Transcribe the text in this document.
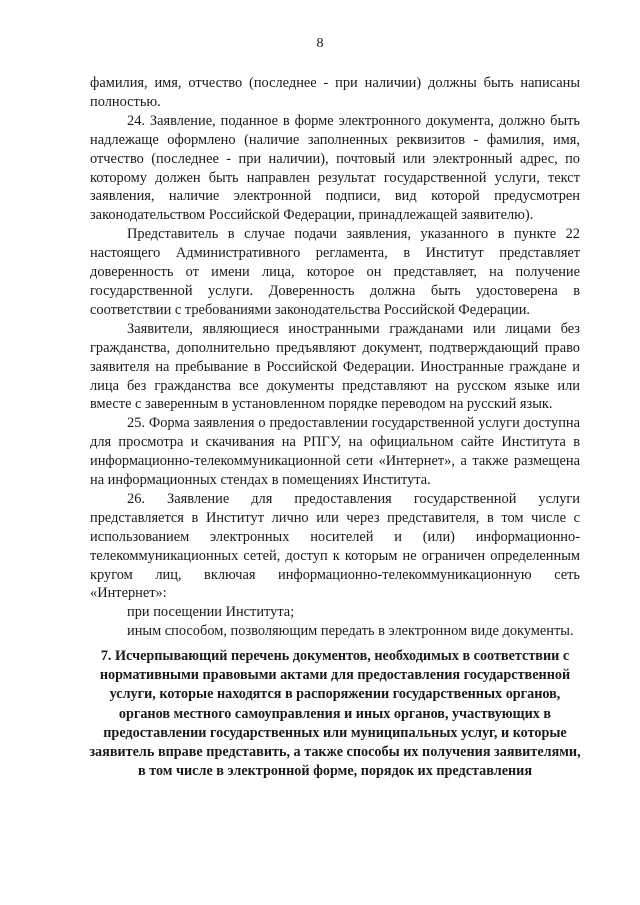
8

фамилия, имя, отчество (последнее - при наличии) должны быть написаны полностью.

24. Заявление, поданное в форме электронного документа, должно быть надлежаще оформлено (наличие заполненных реквизитов - фамилия, имя, отчество (последнее - при наличии), почтовый или электронный адрес, по которому должен быть направлен результат государственной услуги, текст заявления, наличие электронной подписи, вид которой предусмотрен законодательством Российской Федерации, принадлежащей заявителю).

Представитель в случае подачи заявления, указанного в пункте 22 настоящего Административного регламента, в Институт представляет доверенность от имени лица, которое он представляет, на получение государственной услуги. Доверенность должна быть удостоверена в соответствии с требованиями законодательства Российской Федерации.

Заявители, являющиеся иностранными гражданами или лицами без гражданства, дополнительно предъявляют документ, подтверждающий право заявителя на пребывание в Российской Федерации. Иностранные граждане и лица без гражданства все документы представляют на русском языке или вместе с заверенным в установленном порядке переводом на русский язык.

25. Форма заявления о предоставлении государственной услуги доступна для просмотра и скачивания на РПГУ, на официальном сайте Института в информационно-телекоммуникационной сети «Интернет», а также размещена на информационных стендах в помещениях Института.

26. Заявление для предоставления государственной услуги представляется в Институт лично или через представителя, в том числе с использованием электронных носителей и (или) информационно-телекоммуникационных сетей, доступ к которым не ограничен определенным кругом лиц, включая информационно-телекоммуникационную сеть «Интернет»:

при посещении Института;

иным способом, позволяющим передать в электронном виде документы.

7. Исчерпывающий перечень документов, необходимых в соответствии с нормативными правовыми актами для предоставления государственной услуги, которые находятся в распоряжении государственных органов, органов местного самоуправления и иных органов, участвующих в предоставлении государственных или муниципальных услуг, и которые заявитель вправе представить, а также способы их получения заявителями, в том числе в электронной форме, порядок их представления
